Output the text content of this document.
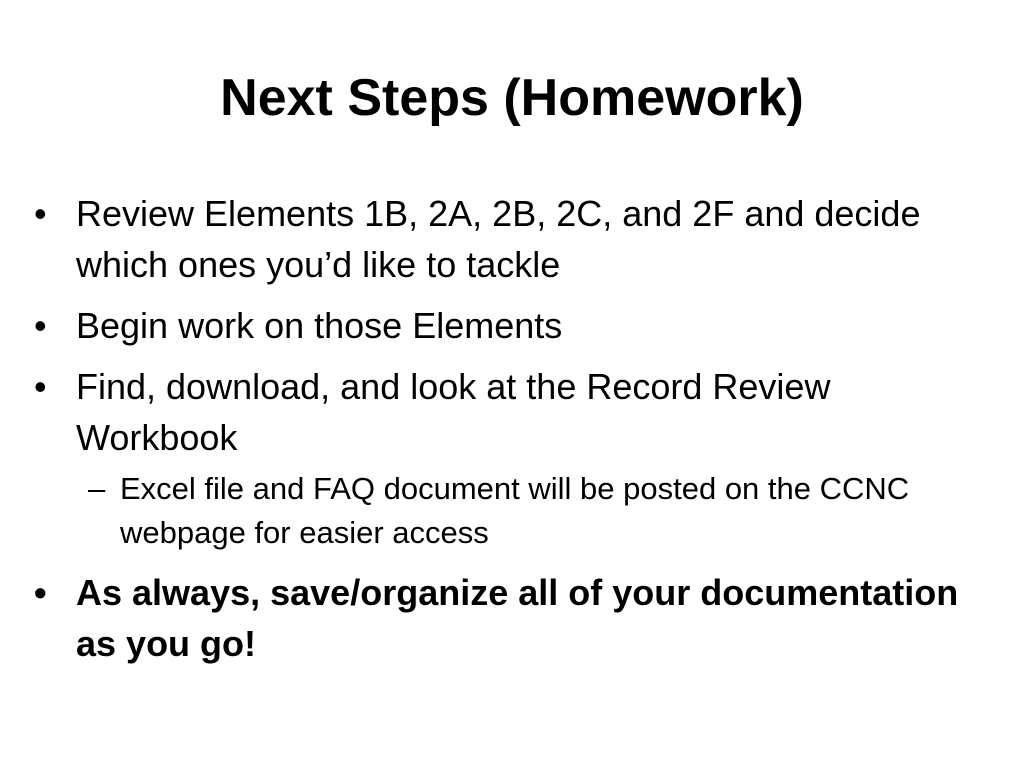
Next Steps (Homework)
• Review Elements 1B, 2A, 2B, 2C, and 2F and decide which ones you’d like to tackle
• Begin work on those Elements
• Find, download, and look at the Record Review Workbook
– Excel file and FAQ document will be posted on the CCNC webpage for easier access
• As always, save/organize all of your documentation as you go!
